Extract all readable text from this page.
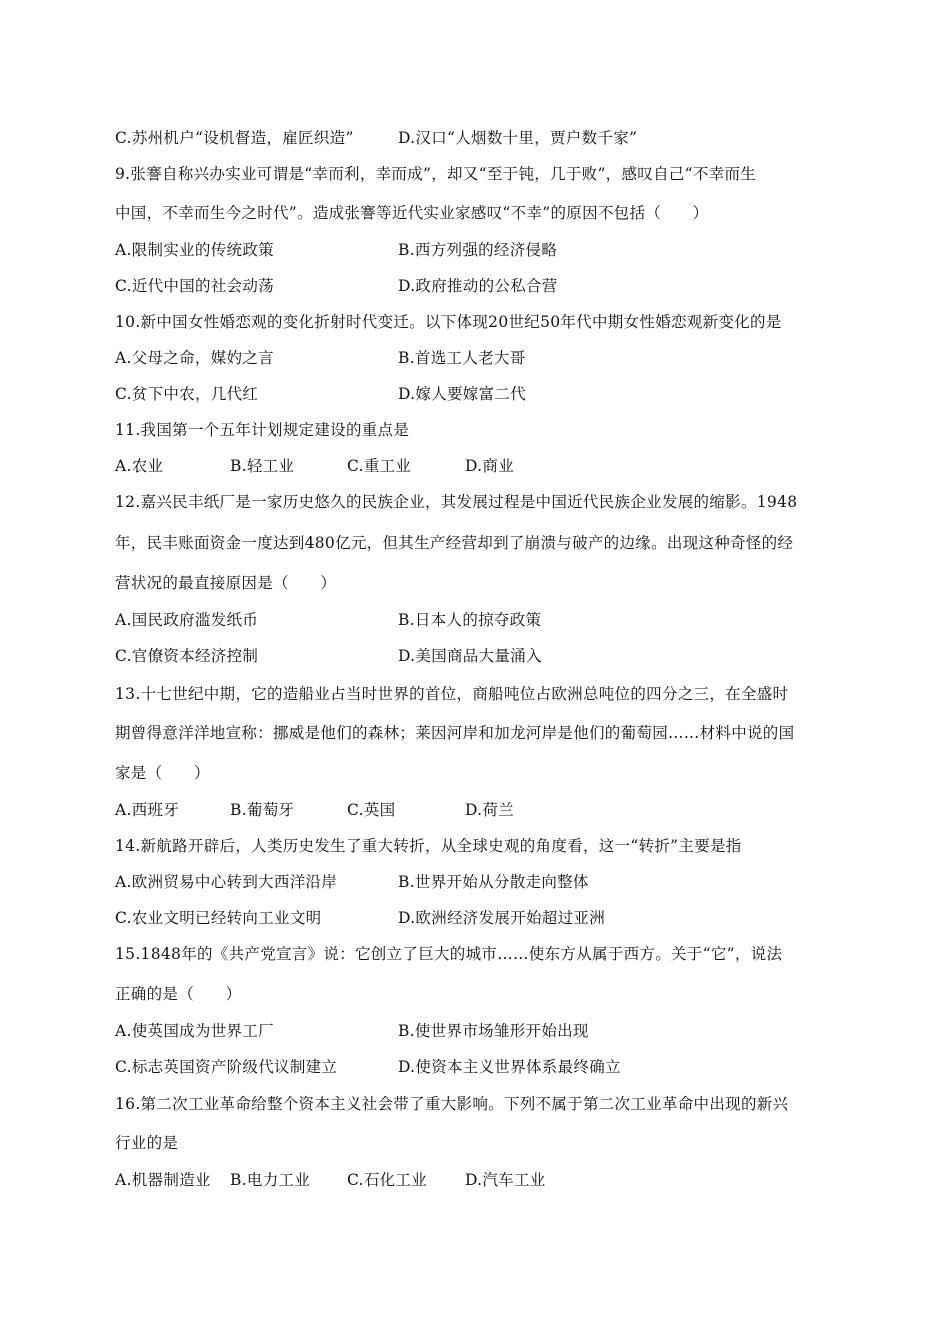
C.苏州机户“设机督造，雇匠织造”	D.汉口“人烟数十里，贾户数千家”
9.张謇自称兴办实业可谓是“幸而利，幸而成”，却又“至于钝，几于败”，感叹自己“不幸而生
中国，不幸而生今之时代”。造成张謇等近代实业家感叹“不幸”的原因不包括（　　）
A.限制实业的传统政策	B.西方列强的经济侵略
C.近代中国的社会动荡	D.政府推动的公私合营
10.新中国女性婚恋观的变化折射时代变迁。以下体现20世纪50年代中期女性婚恋观新变化的是
A.父母之命，媒妁之言	B.首选工人老大哥
C.贫下中农，几代红	D.嫁人要嫁富二代
11.我国第一个五年计划规定建设的重点是
A.农业	B.轻工业	C.重工业	D.商业
12.嘉兴民丰纸厂是一家历史悠久的民族企业，其发展过程是中国近代民族企业发展的缩影。1948
年，民丰账面资金一度达到480亿元，但其生产经营却到了崩溃与破产的边缘。出现这种奇怪的经
营状况的最直接原因是（　　）
A.国民政府滥发纸币	B.日本人的掠夺政策
C.官僚资本经济控制	D.美国商品大量涌入
13.十七世纪中期，它的造船业占当时世界的首位，商船吨位占欧洲总吨位的四分之三，在全盛时
期曾得意洋洋地宣称：挪威是他们的森林；莱因河岸和加龙河岸是他们的葡萄园……材料中说的国
家是（　　）
A.西班牙	B.葡萄牙	C.英国	D.荷兰
14.新航路开辟后，人类历史发生了重大转折，从全球史观的角度看，这一“转折”主要是指
A.欧洲贸易中心转到大西洋沿岸	B.世界开始从分散走向整体
C.农业文明已经转向工业文明	D.欧洲经济发展开始超过亚洲
15.1848年的《共产党宣言》说：它创立了巨大的城市……使东方从属于西方。关于“它”，说法
正确的是（　　）
A.使英国成为世界工厂	B.使世界市场雏形开始出现
C.标志英国资产阶级代议制建立	D.使资本主义世界体系最终确立
16.第二次工业革命给整个资本主义社会带了重大影响。下列不属于第二次工业革命中出现的新兴
行业的是
A.机器制造业 B.电力工业 C.石化工业 D.汽车工业
